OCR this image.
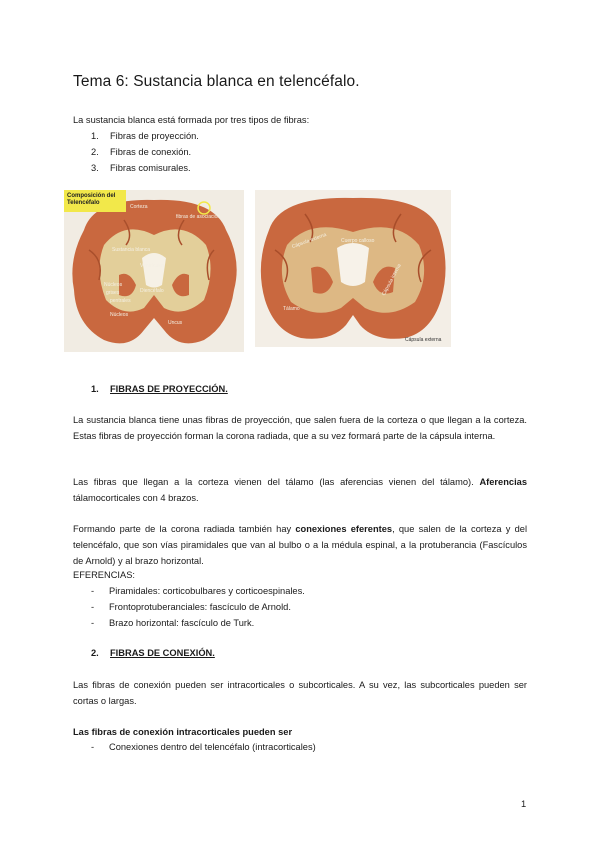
Tema 6: Sustancia blanca en telencéfalo.
La sustancia blanca está formada por tres tipos de fibras:
1. Fibras de proyección.
2. Fibras de conexión.
3. Fibras comisurales.
Composición del Telencéfalo
Corteza
fibras de asociación
Sustancia blanca
Ventrículos
Núcleos
grises
pentrales
Diencéfalo
Núcleos
Uncus
Cápsula interna
Cuerpo calloso
Cápsula externa
Tálamo
Cápsula externa
1. FIBRAS DE PROYECCIÓN.
La sustancia blanca tiene unas fibras de proyección, que salen fuera de la corteza o que llegan a la corteza. Estas fibras de proyección forman la corona radiada, que a su vez formará parte de la cápsula interna.
Las fibras que llegan a la corteza vienen del tálamo (las aferencias vienen del tálamo). Aferencias tálamocorticales con 4 brazos.
Formando parte de la corona radiada también hay conexiones eferentes, que salen de la corteza y del telencéfalo, que son vías piramidales que van al bulbo o a la médula espinal, a la protuberancia (Fascículos de Arnold) y al brazo horizontal.
EFERENCIAS:
- Piramidales: corticobulbares y corticoespinales.
- Frontoprotuberanciales: fascículo de Arnold.
- Brazo horizontal: fascículo de Turk.
2. FIBRAS DE CONEXIÓN.
Las fibras de conexión pueden ser intracorticales o subcorticales. A su vez, las subcorticales pueden ser cortas o largas.
Las fibras de conexión intracorticales pueden ser
- Conexiones dentro del telencéfalo (intracorticales)
1
